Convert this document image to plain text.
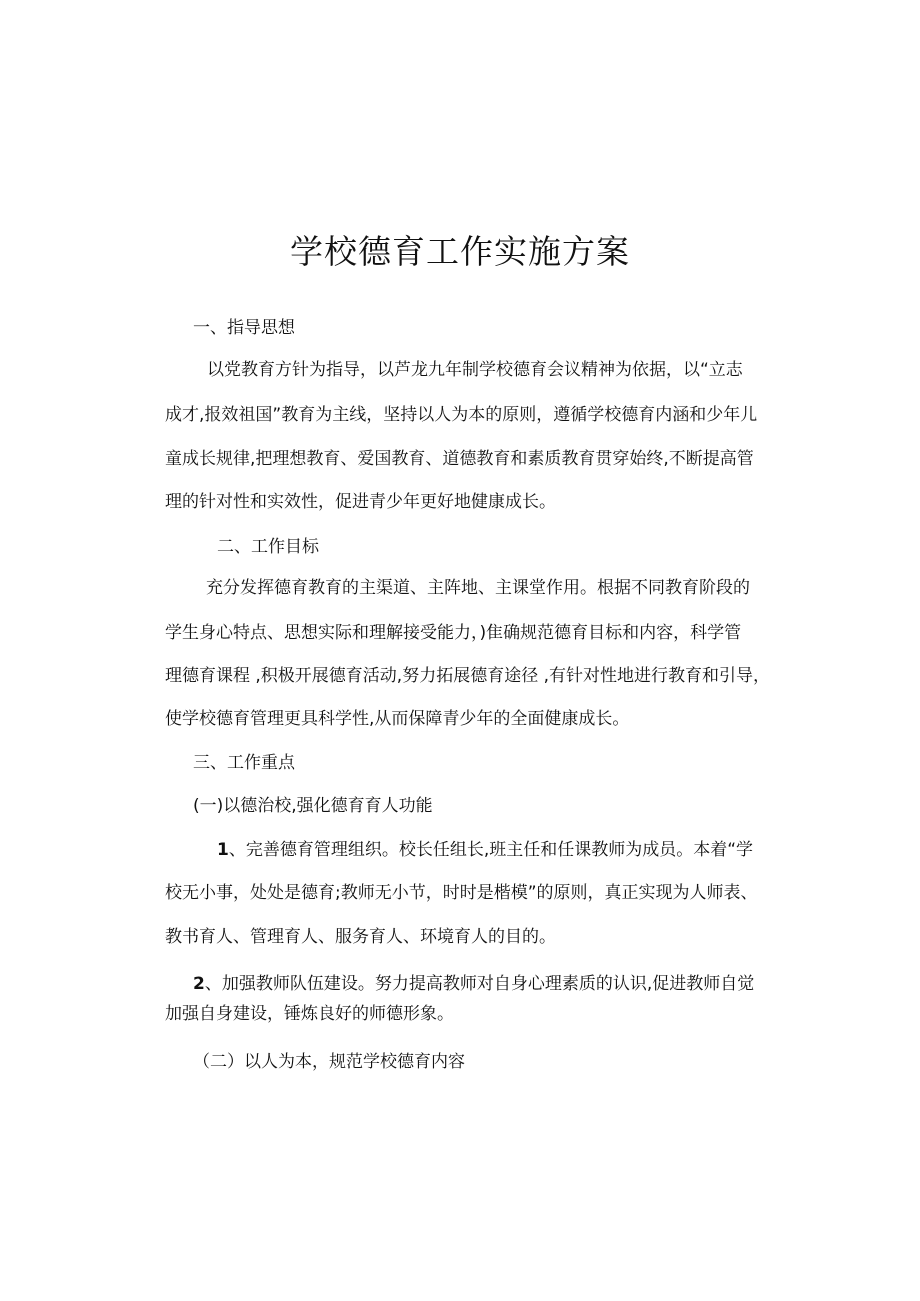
学校德育工作实施方案
一、指导思想
以党教育方针为指导，以芦龙九年制学校德育会议精神为依据，以“立志
成才,报效祖国”教育为主线，坚持以人为本的原则，遵循学校德育内涵和少年儿
童成长规律,把理想教育、爱国教育、道德教育和素质教育贯穿始终,不断提高管
理的针对性和实效性，促进青少年更好地健康成长。
二、工作目标
充分发挥德育教育的主渠道、主阵地、主课堂作用。根据不同教育阶段的
学生身心特点、思想实际和理解接受能力，)隹确规范德育目标和内容，科学管
理德育课程 ,积极开展德育活动,努力拓展德育途径 ,有针对性地进行教育和引导，
使学校德育管理更具科学性,从而保障青少年的全面健康成长。
三、工作重点
(一)以德治校,强化德育育人功能
1、完善德育管理组织。校长任组长,班主任和任课教师为成员。本着“学
校无小事，处处是德育;教师无小节，时时是楷模”的原则，真正实现为人师表、
教书育人、管理育人、服务育人、环境育人的目的。
2、加强教师队伍建设。努力提高教师对自身心理素质的认识,促进教师自觉
加强自身建设，锤炼良好的师德形象。
（二）以人为本，规范学校德育内容
